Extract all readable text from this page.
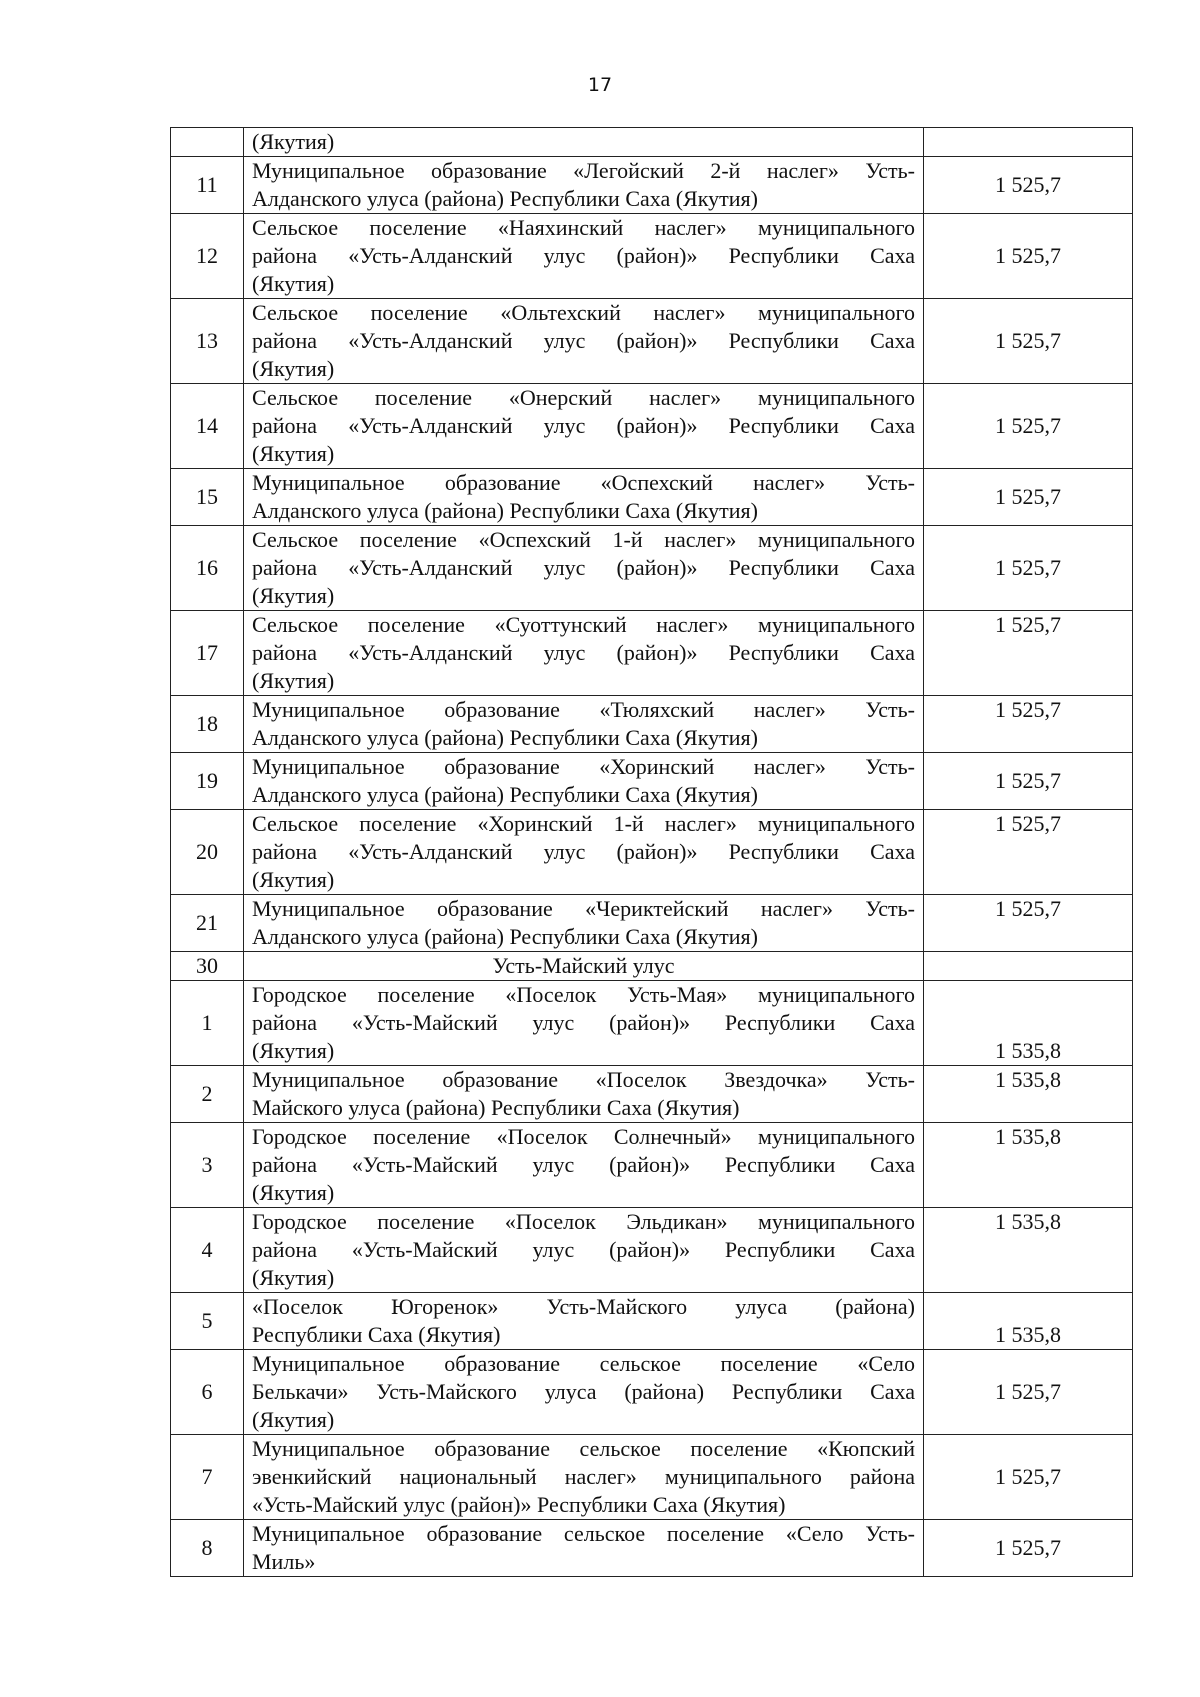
17

	(Якутия)	

11	Муниципальное образование «Легойский 2-й наслег» Усть-
Алданского улуса (района) Республики Саха (Якутия)	1 525,7
12	Сельское поселение «Наяхинский наслег» муниципального
района «Усть-Алданский улус (район)» Республики Саха
(Якутия)	1 525,7
13	Сельское поселение «Ольтехский наслег» муниципального
района «Усть-Алданский улус (район)» Республики Саха
(Якутия)	1 525,7
14	Сельское поселение «Онерский наслег» муниципального
района «Усть-Алданский улус (район)» Республики Саха
(Якутия)	1 525,7
15	Муниципальное образование «Оспехский наслег» Усть-
Алданского улуса (района) Республики Саха (Якутия)	1 525,7
16	Сельское поселение «Оспехский 1-й наслег» муниципального
района «Усть-Алданский улус (район)» Республики Саха
(Якутия)	1 525,7
17	Сельское поселение «Суоттунский наслег» муниципального
района «Усть-Алданский улус (район)» Республики Саха
(Якутия)	1 525,7
18	Муниципальное образование «Тюляхский наслег» Усть-
Алданского улуса (района) Республики Саха (Якутия)	1 525,7
19	Муниципальное образование «Хоринский наслег» Усть-
Алданского улуса (района) Республики Саха (Якутия)	1 525,7
20	Сельское поселение «Хоринский 1-й наслег» муниципального
района «Усть-Алданский улус (район)» Республики Саха
(Якутия)	1 525,7
21	Муниципальное образование «Чериктейский наслег» Усть-
Алданского улуса (района) Республики Саха (Якутия)	1 525,7
30	Усть-Майский улус	

1	Городское поселение «Поселок Усть-Мая» муниципального
района «Усть-Майский улус (район)» Республики Саха
(Якутия)	1 535,8
2	Муниципальное образование «Поселок Звездочка» Усть-
Майского улуса (района) Республики Саха (Якутия)	1 535,8
3	Городское поселение «Поселок Солнечный» муниципального
района «Усть-Майский улус (район)» Республики Саха
(Якутия)	1 535,8
4	Городское поселение «Поселок Эльдикан» муниципального
района «Усть-Майский улус (район)» Республики Саха
(Якутия)	1 535,8
5	«Поселок Югоренок» Усть-Майского улуса (района)
Республики Саха (Якутия)	1 535,8
6	Муниципальное образование сельское поселение «Село
Белькачи» Усть-Майского улуса (района) Республики Саха
(Якутия)	1 525,7
7	Муниципальное образование сельское поселение «Кюпский
эвенкийский национальный наслег» муниципального района
«Усть-Майский улус (район)» Республики Саха (Якутия)	1 525,7
8	Муниципальное образование сельское поселение «Село Усть-
Миль»	1 525,7
